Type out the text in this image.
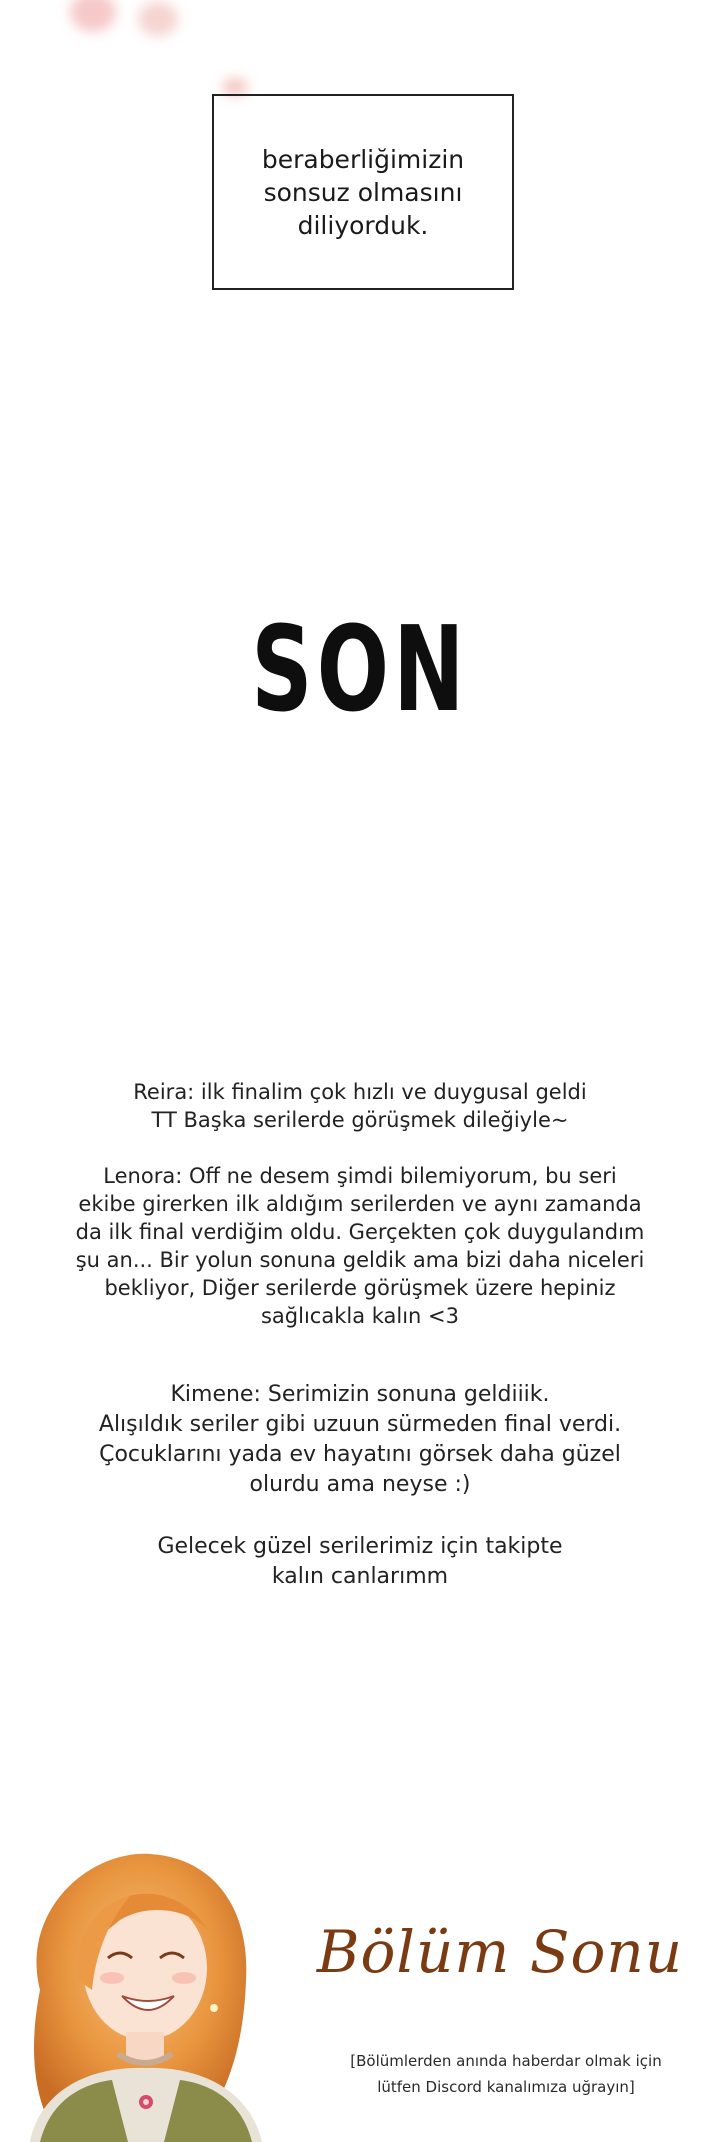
beraberliğimizin
sonsuz olmasını
diliyorduk.
SON
Reira: ilk finalim çok hızlı ve duygusal geldi
TT Başka serilerde görüşmek dileğiyle~
Lenora: Off ne desem şimdi bilemiyorum, bu seri
ekibe girerken ilk aldığım serilerden ve aynı zamanda
da ilk final verdiğim oldu. Gerçekten çok duygulandım
şu an... Bir yolun sonuna geldik ama bizi daha niceleri
bekliyor, Diğer serilerde görüşmek üzere hepiniz
sağlıcakla kalın <3
Kimene: Serimizin sonuna geldiiik.
Alışıldık seriler gibi uzuun sürmeden final verdi.
Çocuklarını yada ev hayatını görsek daha güzel
olurdu ama neyse :)
Gelecek güzel serilerimiz için takipte
kalın canlarımm
Bölüm Sonu
[Bölümlerden anında haberdar olmak için
lütfen Discord kanalımıza uğrayın]
